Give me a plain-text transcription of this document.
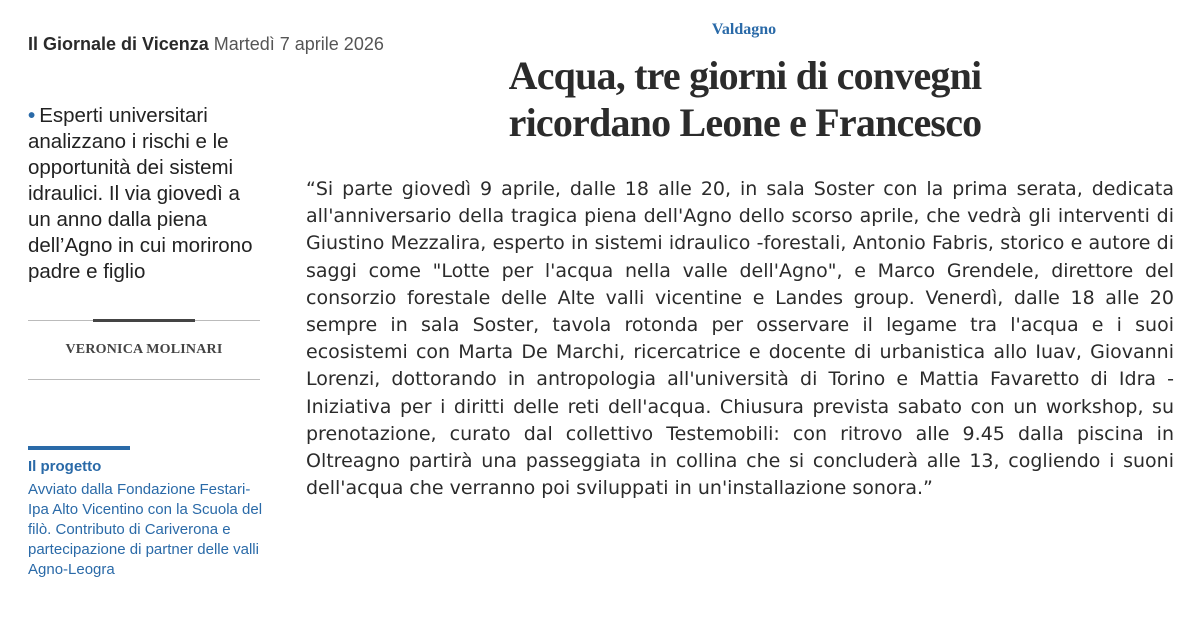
Il Giornale di Vicenza Martedì 7 aprile 2026
• Esperti universitari analizzano i rischi e le opportunità dei sistemi idraulici. Il via giovedì a un anno dalla piena dell’Agno in cui morirono padre e figlio
VERONICA MOLINARI
Il progetto
Avviato dalla Fondazione Festari-Ipa Alto Vicentino con la Scuola del filò. Contributo di Cariverona e partecipazione di partner delle valli Agno-Leogra
Valdagno
Acqua, tre giorni di convegni ricordano Leone e Francesco
“Si parte giovedì 9 aprile, dalle 18 alle 20, in sala Soster con la prima serata, dedicata all'anniversario della tragica piena dell'Agno dello scorso aprile, che vedrà gli interventi di Giustino Mezzalira, esperto in sistemi idraulico -forestali, Antonio Fabris, storico e autore di saggi come "Lotte per l'acqua nella valle dell'Agno", e Marco Grendele, direttore del consorzio forestale delle Alte valli vicentine e Landes group. Venerdì, dalle 18 alle 20 sempre in sala Soster, tavola rotonda per osservare il legame tra l'acqua e i suoi ecosistemi con Marta De Marchi, ricercatrice e docente di urbanistica allo Iuav, Giovanni Lorenzi, dottorando in antropologia all'università di Torino e Mattia Favaretto di Idra - Iniziativa per i diritti delle reti dell'acqua. Chiusura prevista sabato con un workshop, su prenotazione, curato dal collettivo Testemobili: con ritrovo alle 9.45 dalla piscina in Oltreagno partirà una passeggiata in collina che si concluderà alle 13, cogliendo i suoni dell'acqua che verranno poi sviluppati in un'installazione sonora.”
